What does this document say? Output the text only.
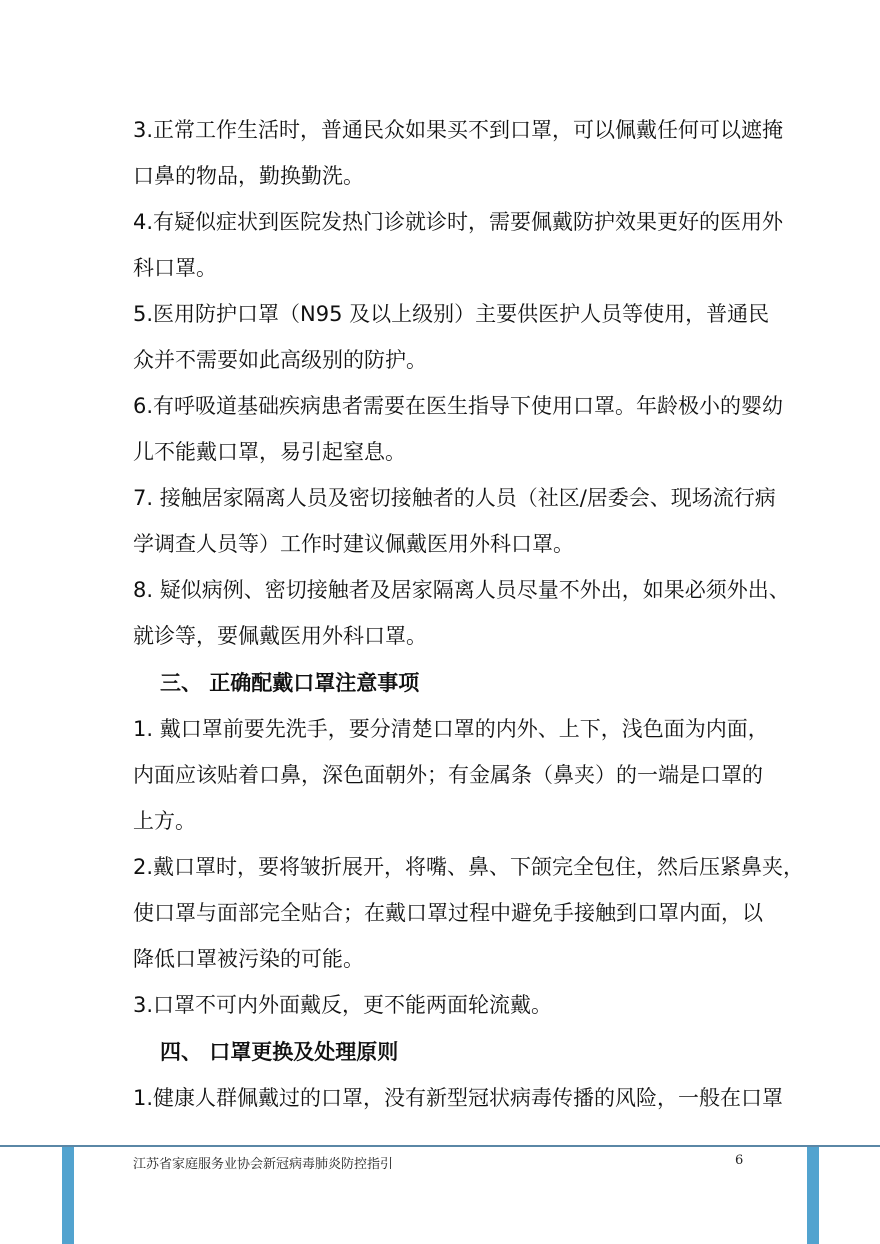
3.正常工作生活时，普通民众如果买不到口罩，可以佩戴任何可以遮掩
口鼻的物品，勤换勤洗。
4.有疑似症状到医院发热门诊就诊时，需要佩戴防护效果更好的医用外
科口罩。
5.医用防护口罩（N95 及以上级别）主要供医护人员等使用，普通民
众并不需要如此高级别的防护。
6.有呼吸道基础疾病患者需要在医生指导下使用口罩。年龄极小的婴幼
儿不能戴口罩，易引起窒息。
7. 接触居家隔离人员及密切接触者的人员（社区/居委会、现场流行病
学调查人员等）工作时建议佩戴医用外科口罩。
8. 疑似病例、密切接触者及居家隔离人员尽量不外出，如果必须外出、
就诊等，要佩戴医用外科口罩。
三、 正确配戴口罩注意事项
1. 戴口罩前要先洗手，要分清楚口罩的内外、上下，浅色面为内面，
内面应该贴着口鼻，深色面朝外；有金属条（鼻夹）的一端是口罩的
上方。
2.戴口罩时，要将皱折展开，将嘴、鼻、下颌完全包住，然后压紧鼻夹，
使口罩与面部完全贴合；在戴口罩过程中避免手接触到口罩内面，以
降低口罩被污染的可能。
3.口罩不可内外面戴反，更不能两面轮流戴。
四、 口罩更换及处理原则
1.健康人群佩戴过的口罩，没有新型冠状病毒传播的风险，一般在口罩
江苏省家庭服务业协会新冠病毒肺炎防控指引	6
